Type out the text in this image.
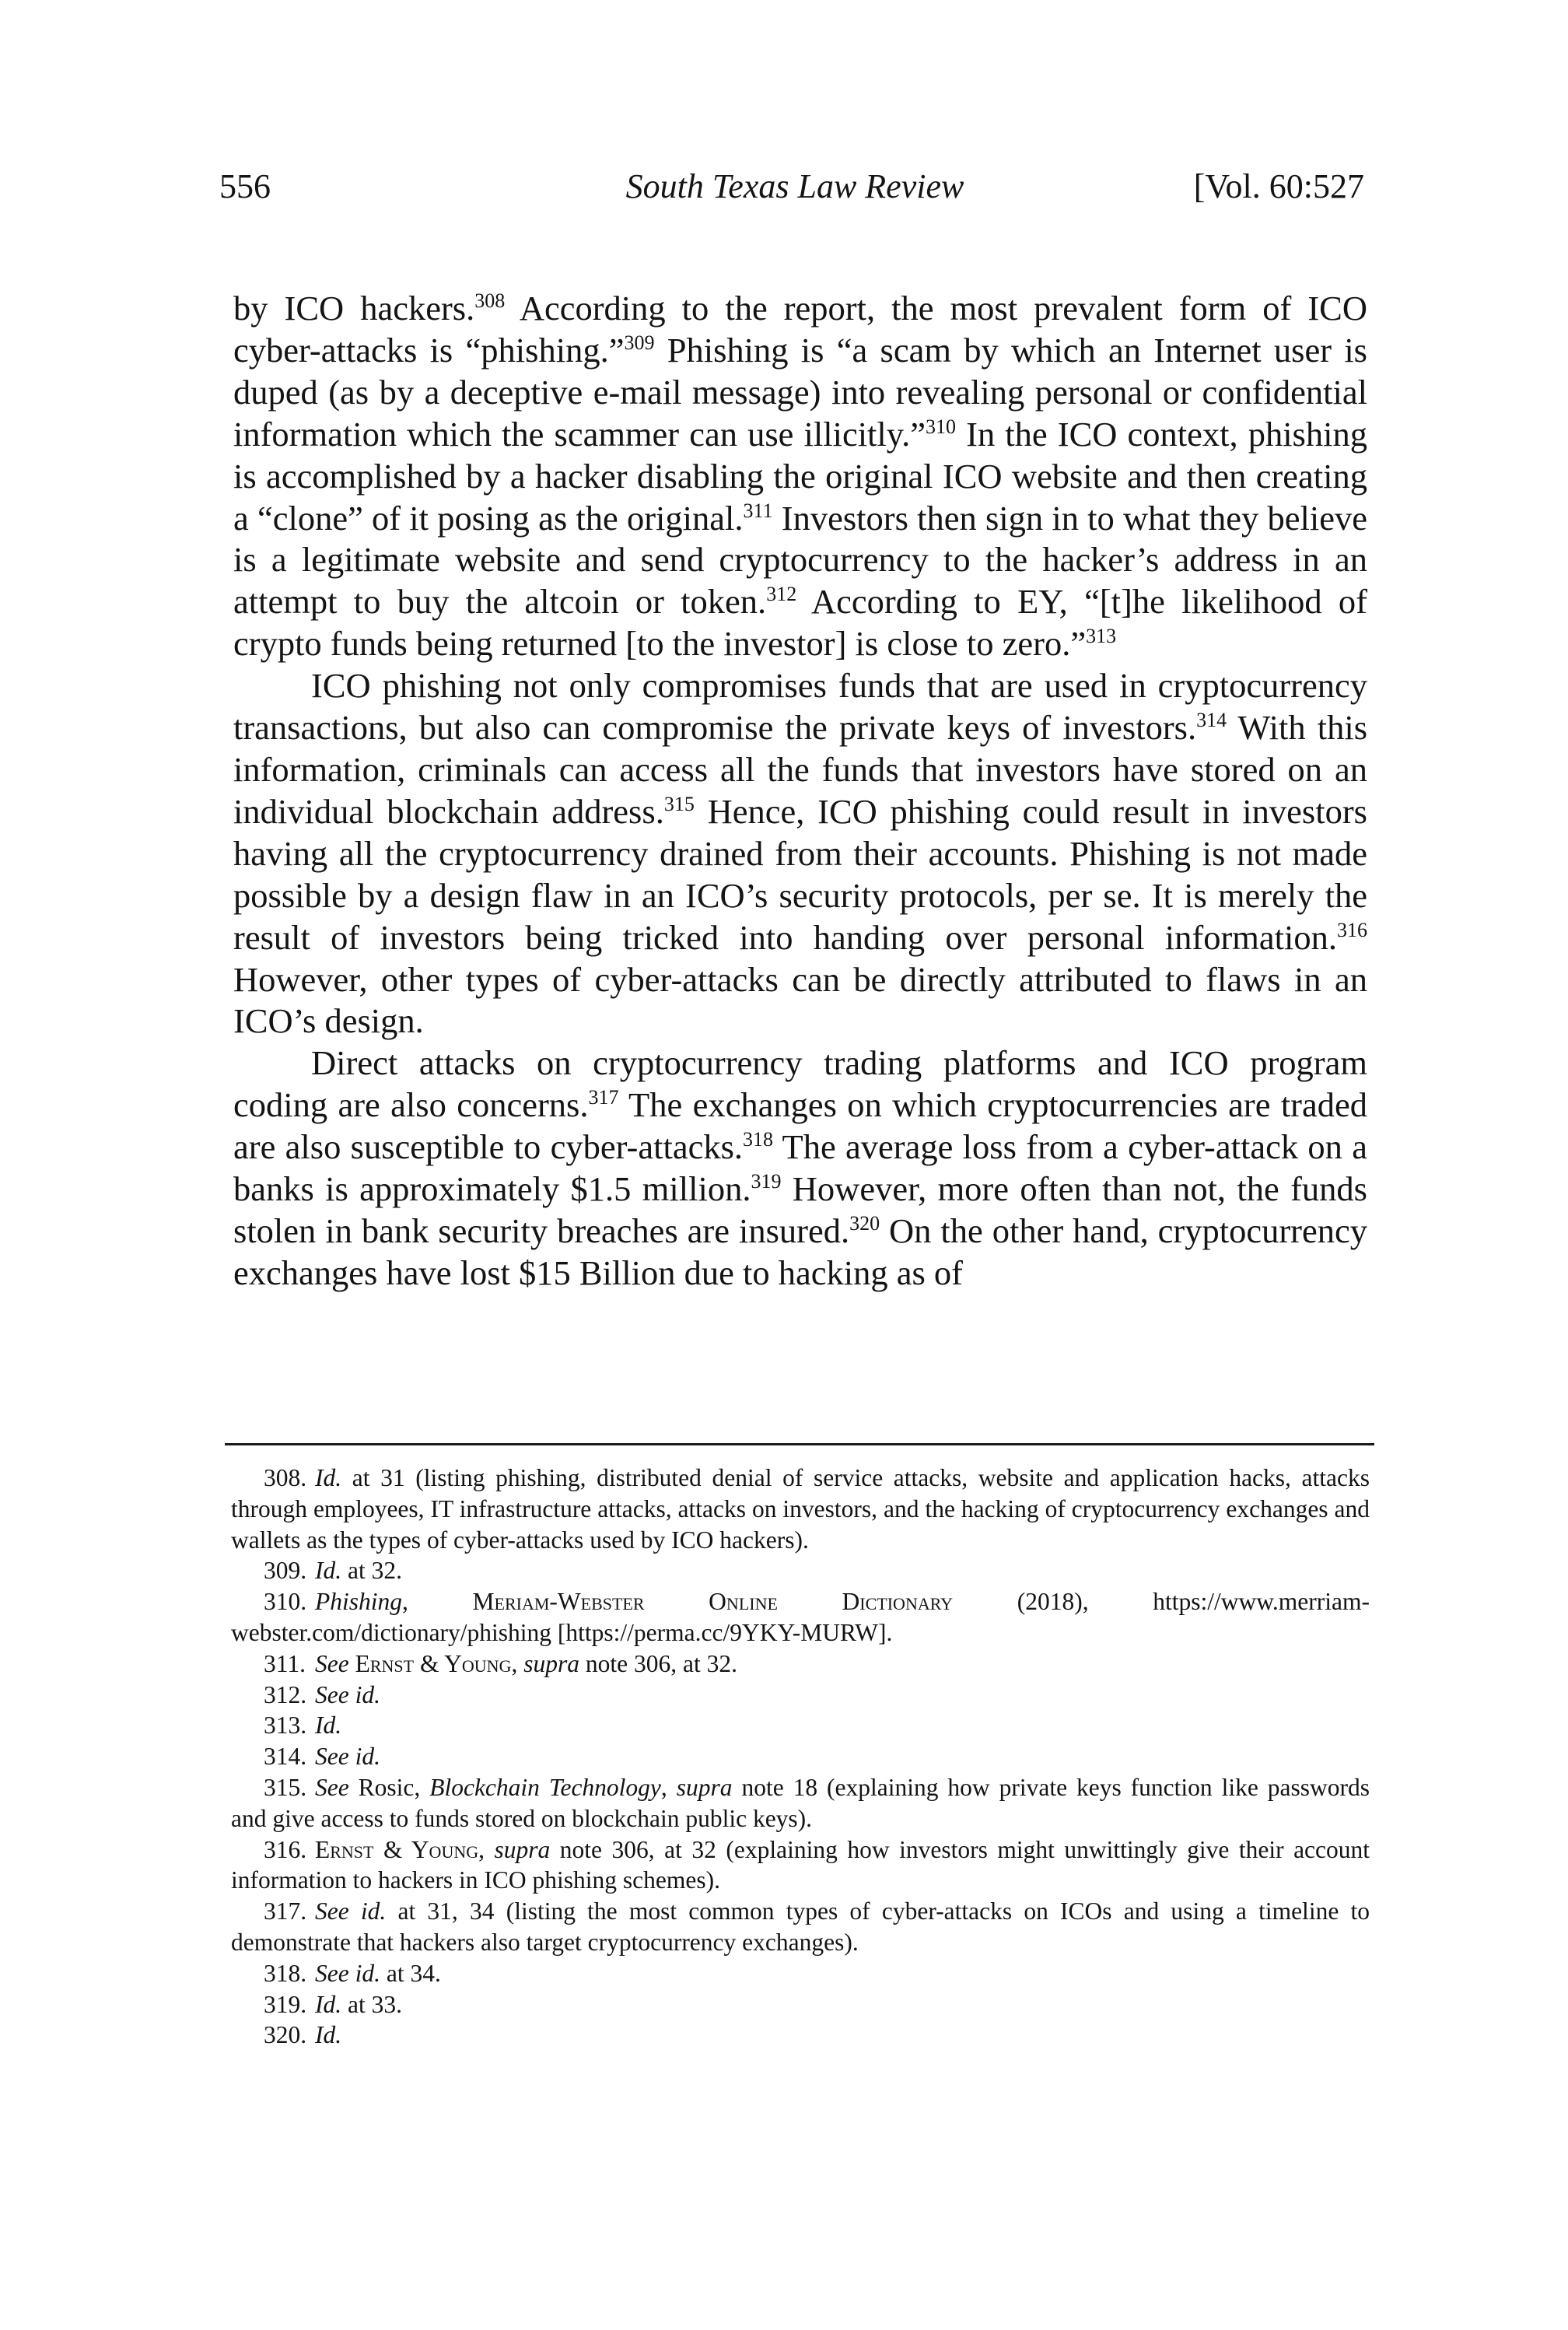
556	South Texas Law Review	[Vol. 60:527

by ICO hackers.$^{308}$ According to the report, the most prevalent form of ICO cyber-attacks is “phishing.”$^{309}$ Phishing is “a scam by which an Internet user is duped (as by a deceptive e-mail message) into revealing personal or confidential information which the scammer can use illicitly.”$^{310}$ In the ICO context, phishing is accomplished by a hacker disabling the original ICO website and then creating a “clone” of it posing as the original.$^{311}$ Investors then sign in to what they believe is a legitimate website and send cryptocurrency to the hacker’s address in an attempt to buy the altcoin or token.$^{312}$ According to EY, “[t]he likelihood of crypto funds being returned [to the investor] is close to zero.”$^{313}$

ICO phishing not only compromises funds that are used in cryptocurrency transactions, but also can compromise the private keys of investors.$^{314}$ With this information, criminals can access all the funds that investors have stored on an individual blockchain address.$^{315}$ Hence, ICO phishing could result in investors having all the cryptocurrency drained from their accounts. Phishing is not made possible by a design flaw in an ICO’s security protocols, per se. It is merely the result of investors being tricked into handing over personal information.$^{316}$ However, other types of cyber-attacks can be directly attributed to flaws in an ICO’s design.

Direct attacks on cryptocurrency trading platforms and ICO program coding are also concerns.$^{317}$ The exchanges on which cryptocurrencies are traded are also susceptible to cyber-attacks.$^{318}$ The average loss from a cyber-attack on a banks is approximately $1.5 million.$^{319}$ However, more often than not, the funds stolen in bank security breaches are insured.$^{320}$ On the other hand, cryptocurrency exchanges have lost $15 Billion due to hacking as of

308. Id. at 31 (listing phishing, distributed denial of service attacks, website and application hacks, attacks through employees, IT infrastructure attacks, attacks on investors, and the hacking of cryptocurrency exchanges and wallets as the types of cyber-attacks used by ICO hackers).

309. Id. at 32.

310. Phishing, Meriam-Webster Online Dictionary (2018), https://www.merriam-webster.com/dictionary/phishing [https://perma.cc/9YKY-MURW].

311. See Ernst & Young, supra note 306, at 32.

312. See id.

313. Id.

314. See id.

315. See Rosic, Blockchain Technology, supra note 18 (explaining how private keys function like passwords and give access to funds stored on blockchain public keys).

316. Ernst & Young, supra note 306, at 32 (explaining how investors might unwittingly give their account information to hackers in ICO phishing schemes).

317. See id. at 31, 34 (listing the most common types of cyber-attacks on ICOs and using a timeline to demonstrate that hackers also target cryptocurrency exchanges).

318. See id. at 34.

319. Id. at 33.

320. Id.
